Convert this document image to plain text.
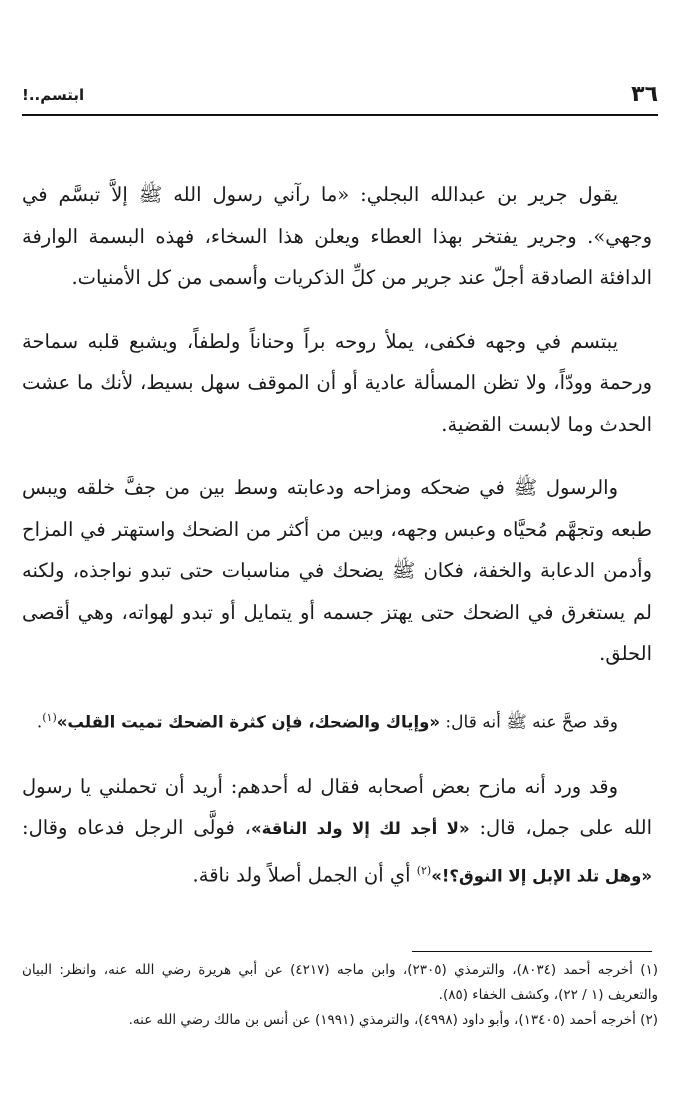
٣٦
ابتسم..!

يقول جرير بن عبدالله البجلي: «ما رآني رسول الله ﷺ إلاَّ تبسَّم في وجهي». وجرير يفتخر بهذا العطاء ويعلن هذا السخاء، فهذه البسمة الوارفة الدافئة الصادقة أجلّ عند جرير من كلِّ الذكريات وأسمى من كل الأمنيات.

يبتسم في وجهه فكفى، يملأ روحه براً وحناناً ولطفاً، ويشبع قلبه سماحة ورحمة وودّاً، ولا تظن المسألة عادية أو أن الموقف سهل بسيط، لأنك ما عشت الحدث وما لابست القضية.

والرسول ﷺ في ضحكه ومزاحه ودعابته وسط بين من جفَّ خلقه ويبس طبعه وتجهَّم مُحيَّاه وعبس وجهه، وبين من أكثر من الضحك واستهتر في المزاح وأدمن الدعابة والخفة، فكان ﷺ يضحك في مناسبات حتى تبدو نواجذه، ولكنه لم يستغرق في الضحك حتى يهتز جسمه أو يتمايل أو تبدو لهواته، وهي أقصى الحلق.

وقد صحَّ عنه ﷺ أنه قال: «وإياك والضحك، فإن كثرة الضحك تميت القلب»$^{(١)}$.

وقد ورد أنه مازح بعض أصحابه فقال له أحدهم: أريد أن تحملني يا رسول الله على جمل، قال: «لا أجد لك إلا ولد الناقة»، فولَّى الرجل فدعاه وقال: «وهل تلد الإبل إلا النوق؟!»$^{(٢)}$ أي أن الجمل أصلاً ولد ناقة.

(١) أخرجه أحمد (٨٠٣٤)، والترمذي (٢٣٠٥)، وابن ماجه (٤٢١٧) عن أبي هريرة رضي الله عنه، وانظر: البيان والتعريف (١ / ٢٢)، وكشف الخفاء (٨٥).

(٢) أخرجه أحمد (١٣٤٠٥)، وأبو داود (٤٩٩٨)، والترمذي (١٩٩١) عن أنس بن مالك رضي الله عنه.
